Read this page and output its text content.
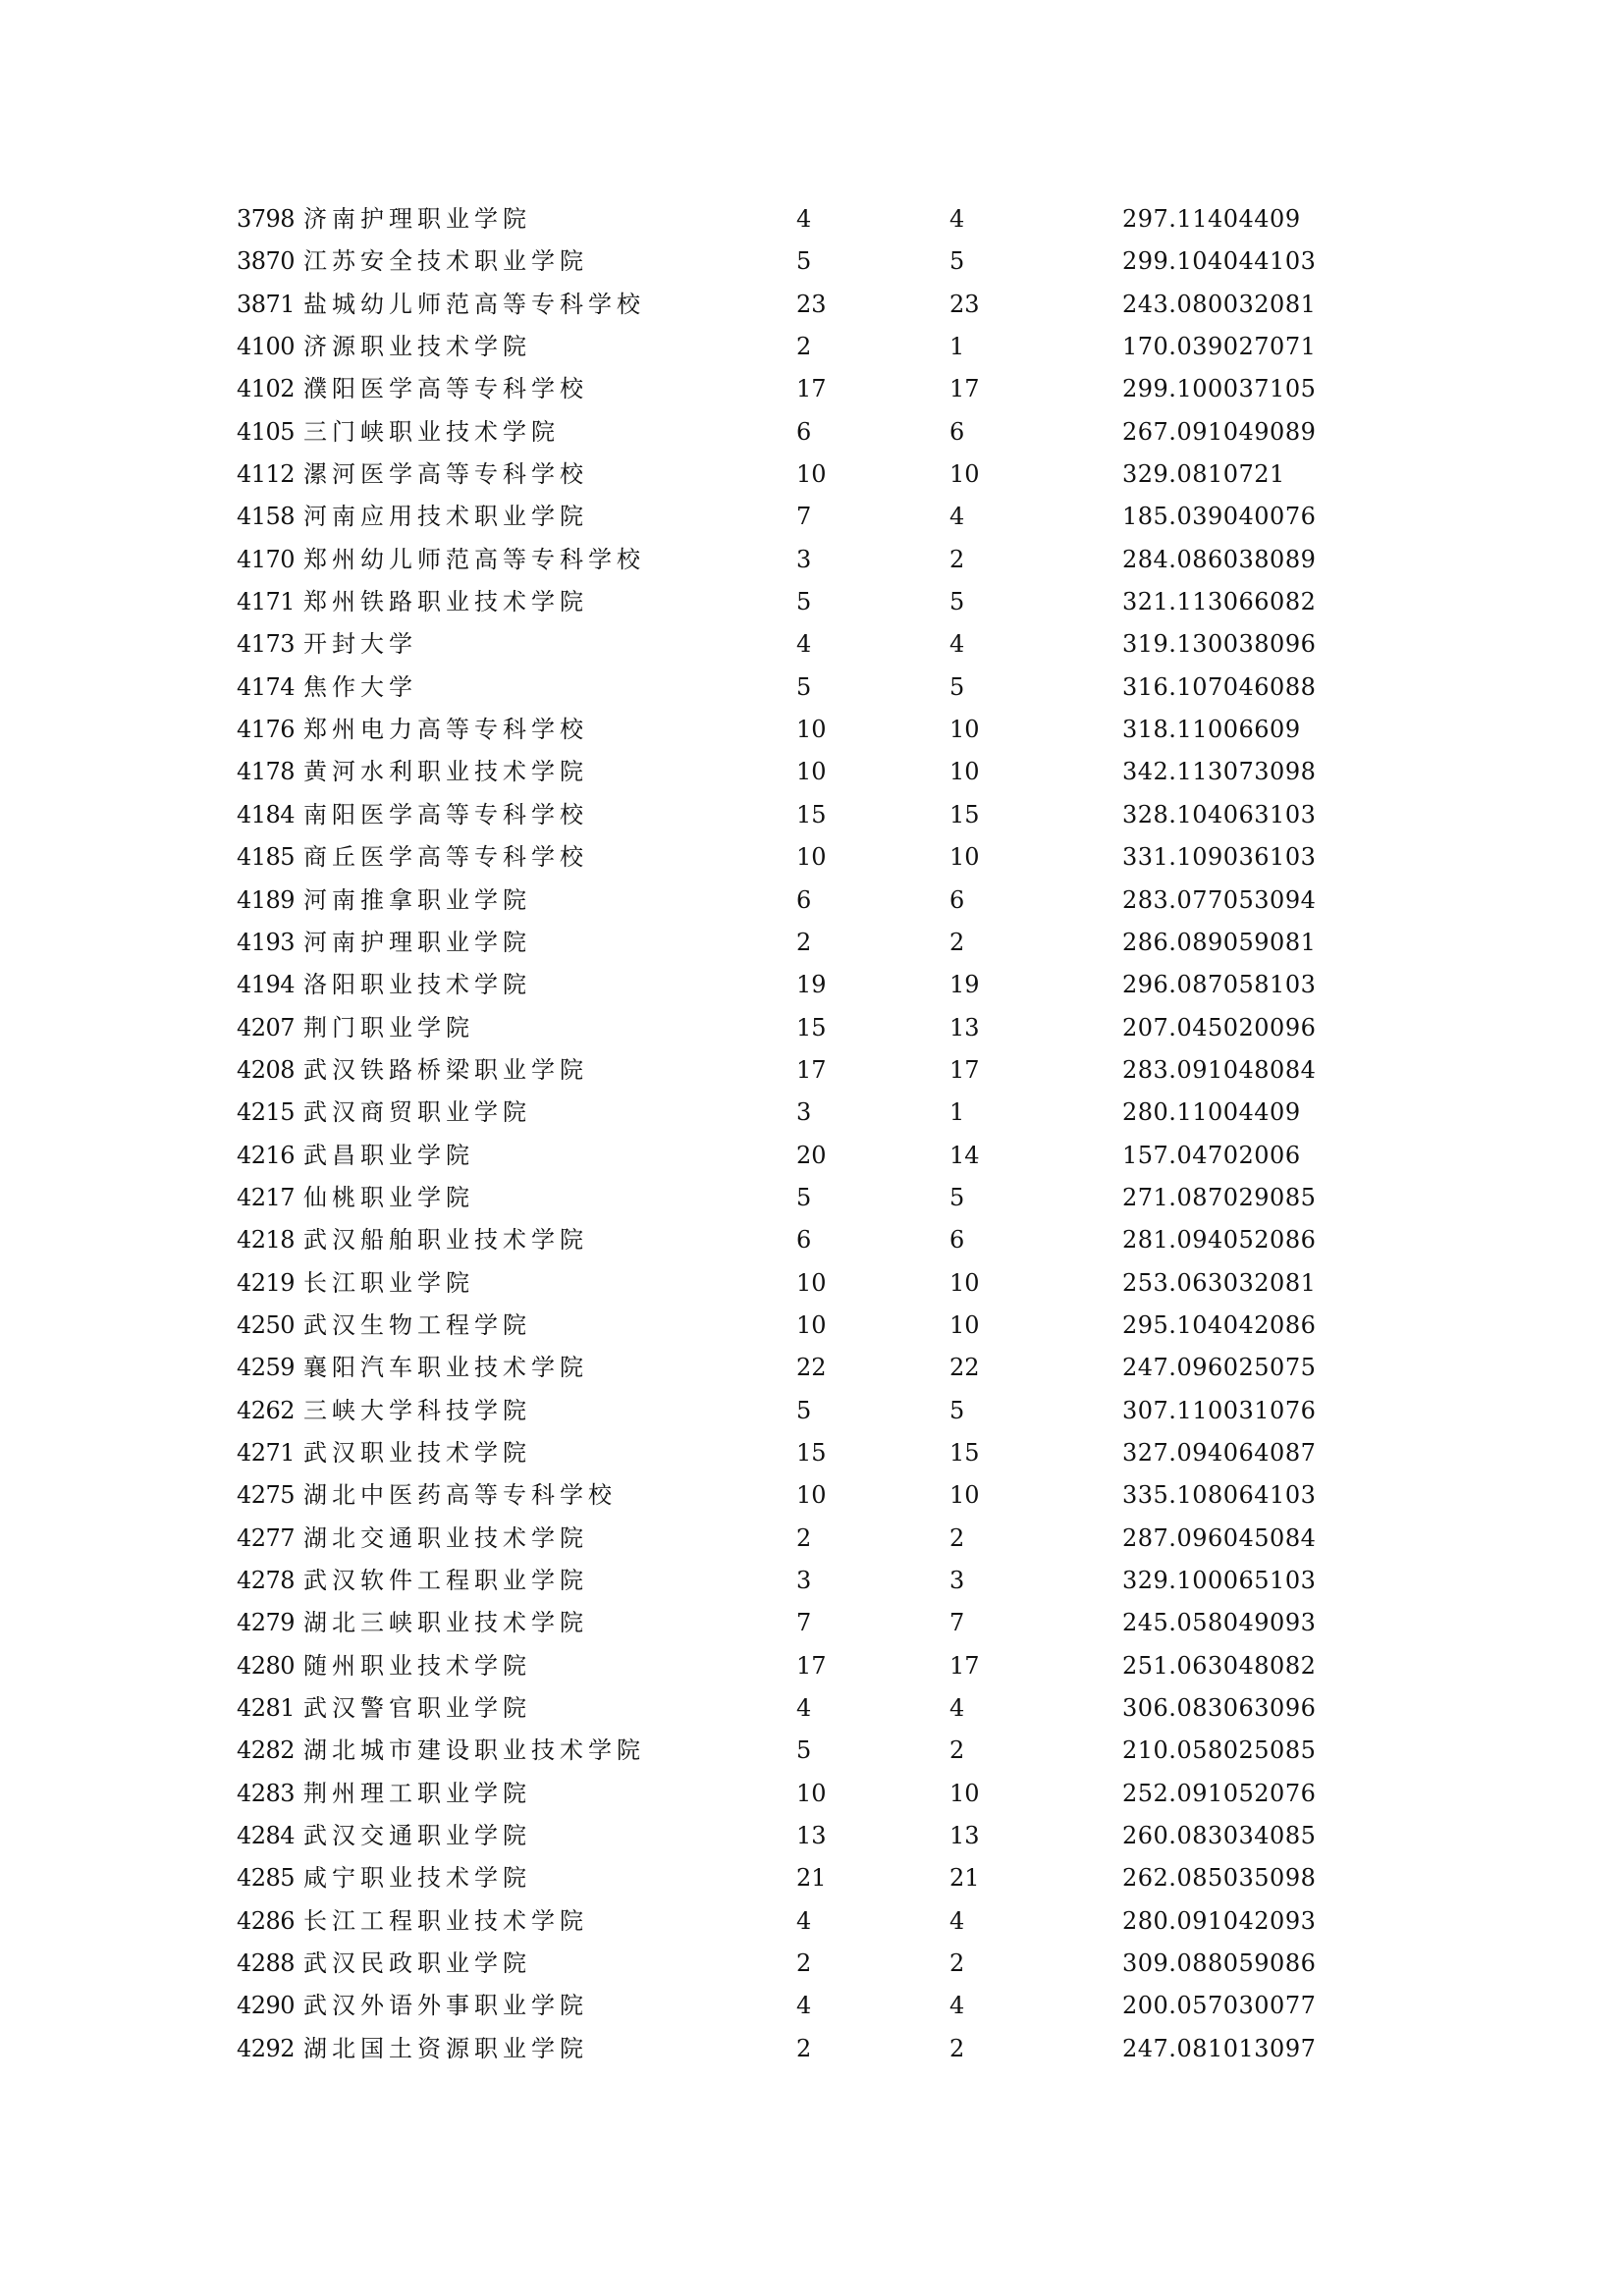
3798 济南护理职业学院	4	4	297.11404409
3870 江苏安全技术职业学院	5	5	299.104044103
3871 盐城幼儿师范高等专科学校	23	23	243.080032081
4100 济源职业技术学院	2	1	170.039027071
4102 濮阳医学高等专科学校	17	17	299.100037105
4105 三门峡职业技术学院	6	6	267.091049089
4112 漯河医学高等专科学校	10	10	329.0810721
4158 河南应用技术职业学院	7	4	185.039040076
4170 郑州幼儿师范高等专科学校	3	2	284.086038089
4171 郑州铁路职业技术学院	5	5	321.113066082
4173 开封大学	4	4	319.130038096
4174 焦作大学	5	5	316.107046088
4176 郑州电力高等专科学校	10	10	318.11006609
4178 黄河水利职业技术学院	10	10	342.113073098
4184 南阳医学高等专科学校	15	15	328.104063103
4185 商丘医学高等专科学校	10	10	331.109036103
4189 河南推拿职业学院	6	6	283.077053094
4193 河南护理职业学院	2	2	286.089059081
4194 洛阳职业技术学院	19	19	296.087058103
4207 荆门职业学院	15	13	207.045020096
4208 武汉铁路桥梁职业学院	17	17	283.091048084
4215 武汉商贸职业学院	3	1	280.11004409
4216 武昌职业学院	20	14	157.04702006
4217 仙桃职业学院	5	5	271.087029085
4218 武汉船舶职业技术学院	6	6	281.094052086
4219 长江职业学院	10	10	253.063032081
4250 武汉生物工程学院	10	10	295.104042086
4259 襄阳汽车职业技术学院	22	22	247.096025075
4262 三峡大学科技学院	5	5	307.110031076
4271 武汉职业技术学院	15	15	327.094064087
4275 湖北中医药高等专科学校	10	10	335.108064103
4277 湖北交通职业技术学院	2	2	287.096045084
4278 武汉软件工程职业学院	3	3	329.100065103
4279 湖北三峡职业技术学院	7	7	245.058049093
4280 随州职业技术学院	17	17	251.063048082
4281 武汉警官职业学院	4	4	306.083063096
4282 湖北城市建设职业技术学院	5	2	210.058025085
4283 荆州理工职业学院	10	10	252.091052076
4284 武汉交通职业学院	13	13	260.083034085
4285 咸宁职业技术学院	21	21	262.085035098
4286 长江工程职业技术学院	4	4	280.091042093
4288 武汉民政职业学院	2	2	309.088059086
4290 武汉外语外事职业学院	4	4	200.057030077
4292 湖北国土资源职业学院	2	2	247.081013097
